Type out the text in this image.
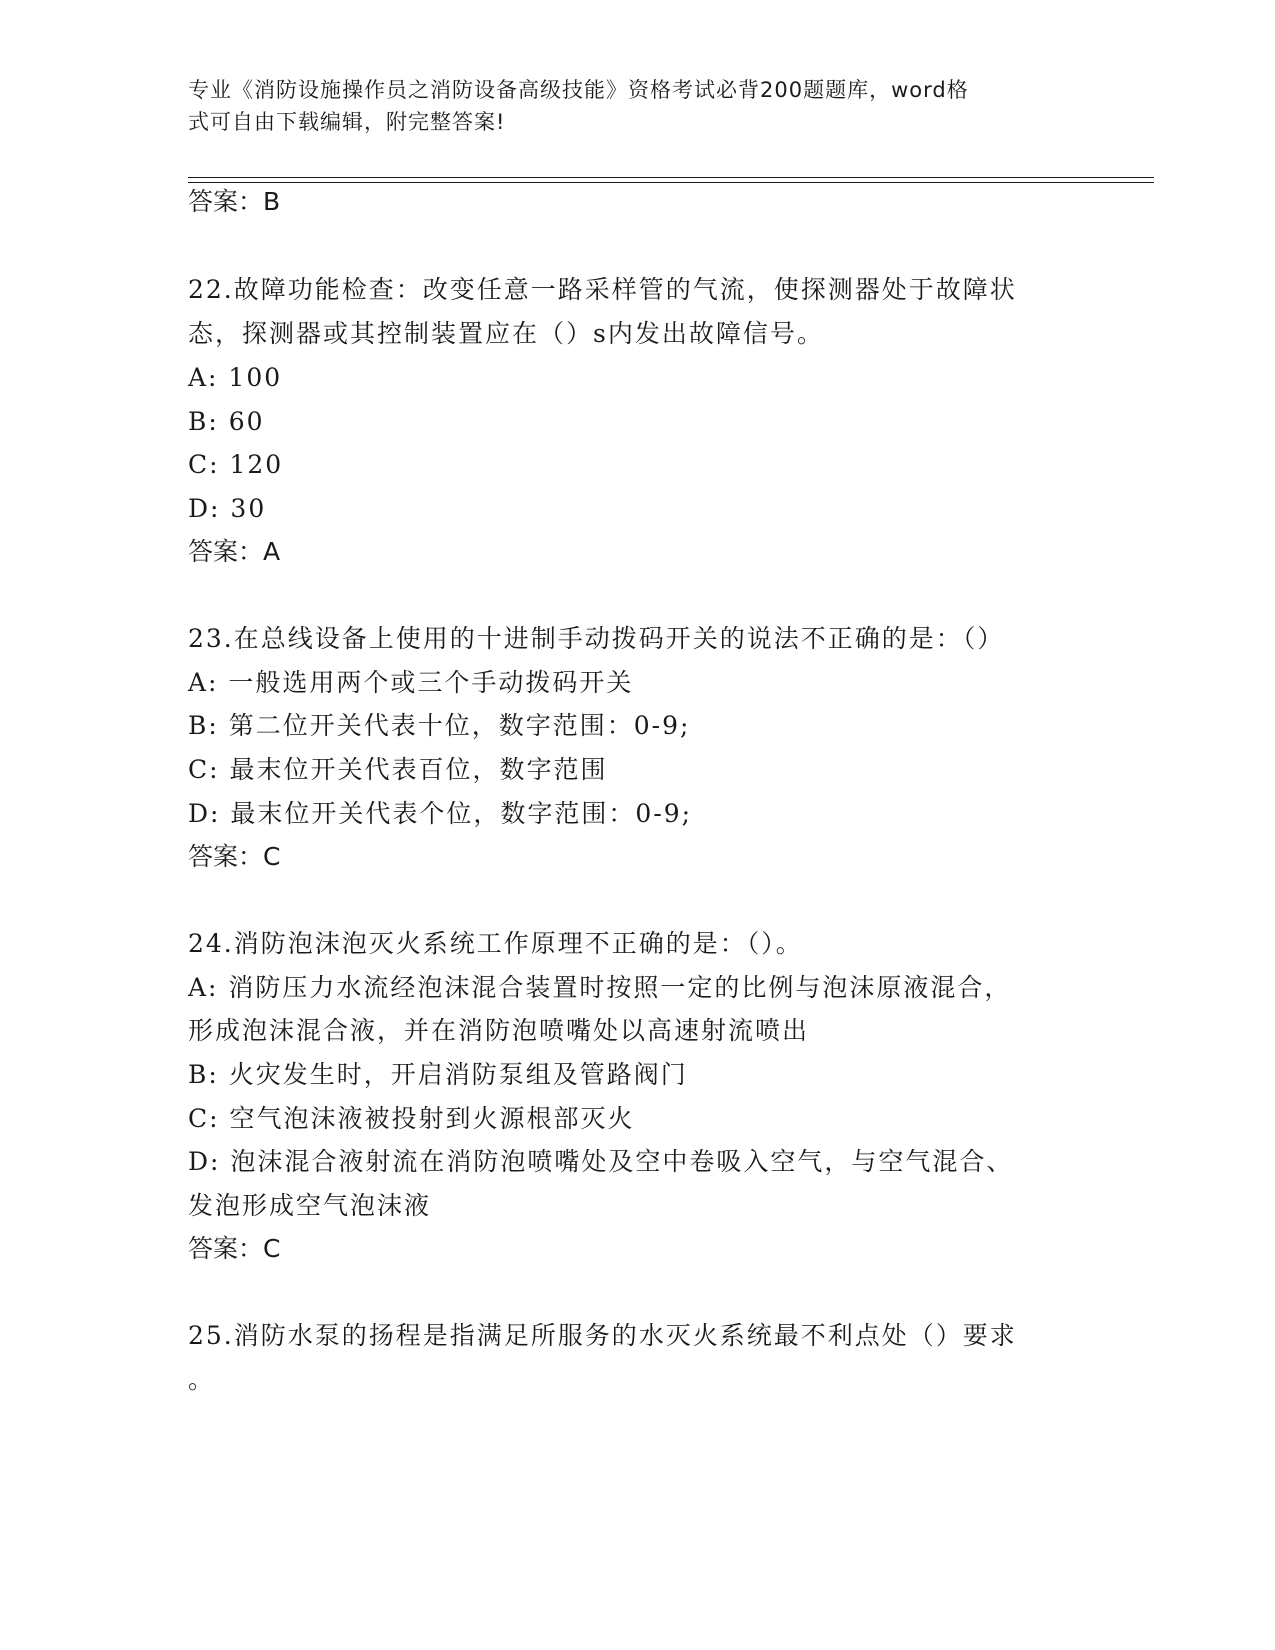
专业《消防设施操作员之消防设备高级技能》资格考试必背200题题库，word格
式可自由下载编辑，附完整答案!
答案：B
22.故障功能检查：改变任意一路采样管的气流，使探测器处于故障状
态，探测器或其控制装置应在（）s内发出故障信号。
A: 100
B: 60
C: 120
D: 30
答案：A
23.在总线设备上使用的十进制手动拨码开关的说法不正确的是：（）
A: 一般选用两个或三个手动拨码开关
B: 第二位开关代表十位，数字范围：0-9;
C: 最末位开关代表百位，数字范围
D: 最末位开关代表个位，数字范围：0-9;
答案：C
24.消防泡沫泡灭火系统工作原理不正确的是：（）。
A: 消防压力水流经泡沫混合装置时按照一定的比例与泡沫原液混合，
形成泡沫混合液，并在消防泡喷嘴处以高速射流喷出
B: 火灾发生时，开启消防泵组及管路阀门
C: 空气泡沫液被投射到火源根部灭火
D: 泡沫混合液射流在消防泡喷嘴处及空中卷吸入空气，与空气混合、
发泡形成空气泡沫液
答案：C
25.消防水泵的扬程是指满足所服务的水灭火系统最不利点处（）要求
。
